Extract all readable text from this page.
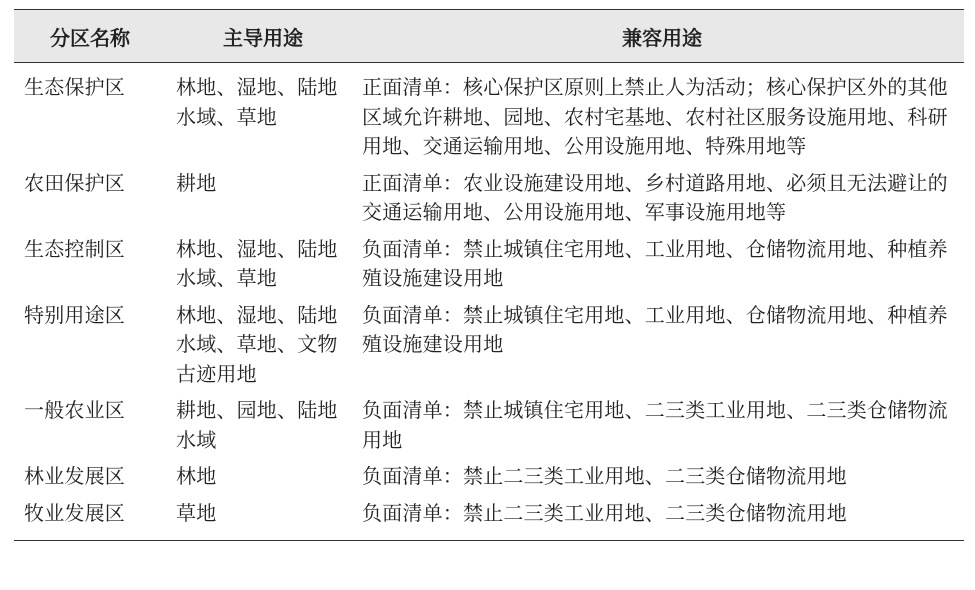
分区名称	主导用途	兼容用途
生态保护区	林地、湿地、陆地水域、草地	正面清单：核心保护区原则上禁止人为活动；核心保护区外的其他区域允许耕地、园地、农村宅基地、农村社区服务设施用地、科研用地、交通运输用地、公用设施用地、特殊用地等
农田保护区	耕地	正面清单：农业设施建设用地、乡村道路用地、必须且无法避让的交通运输用地、公用设施用地、军事设施用地等
生态控制区	林地、湿地、陆地水域、草地	负面清单：禁止城镇住宅用地、工业用地、仓储物流用地、种植养殖设施建设用地
特别用途区	林地、湿地、陆地水域、草地、文物古迹用地	负面清单：禁止城镇住宅用地、工业用地、仓储物流用地、种植养殖设施建设用地
一般农业区	耕地、园地、陆地水域	负面清单：禁止城镇住宅用地、二三类工业用地、二三类仓储物流用地
林业发展区	林地	负面清单：禁止二三类工业用地、二三类仓储物流用地
牧业发展区	草地	负面清单：禁止二三类工业用地、二三类仓储物流用地
